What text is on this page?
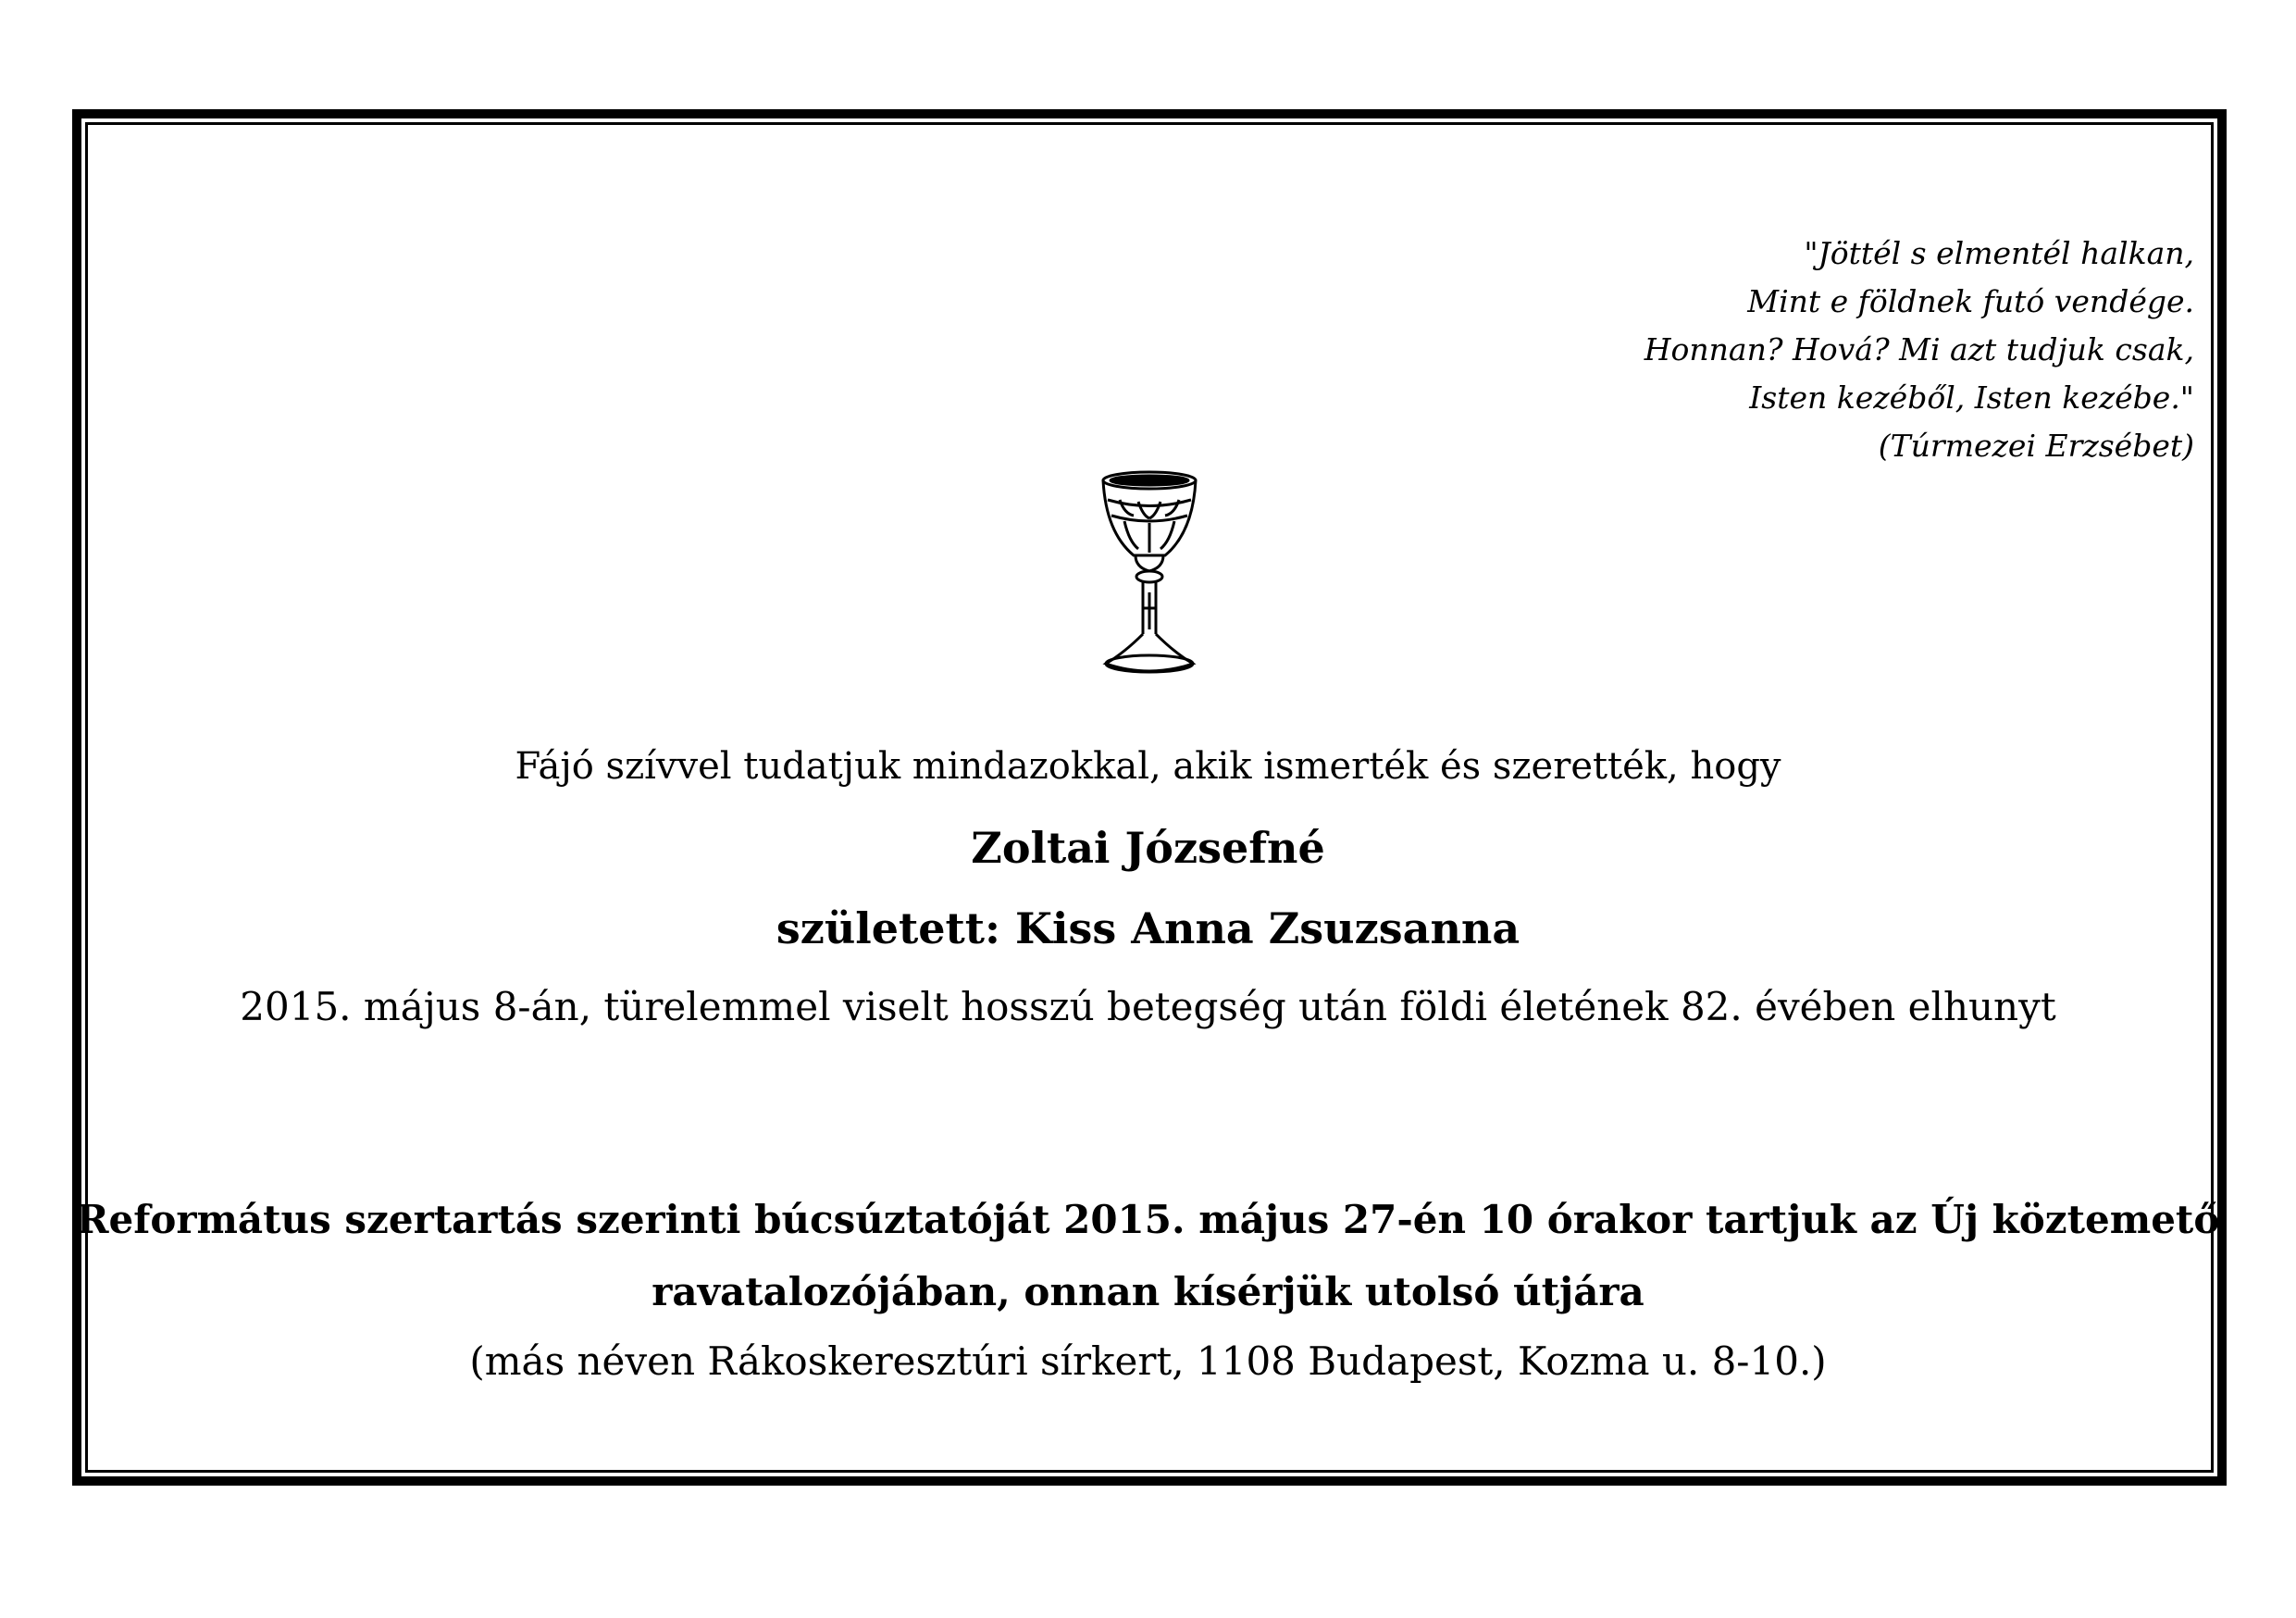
"Jöttél s elmentél halkan,
Mint e földnek futó vendége.
Honnan? Hová? Mi azt tudjuk csak,
Isten kezéből, Isten kezébe."
(Túrmezei Erzsébet)
Fájó szívvel tudatjuk mindazokkal, akik ismerték és szerették, hogy
Zoltai Józsefné
született: Kiss Anna Zsuzsanna
2015. május 8-án, türelemmel viselt hosszú betegség után földi életének 82. évében elhunyt
Református szertartás szerinti búcsúztatóját 2015. május 27-én 10 órakor tartjuk az Új köztemető
ravatalozójában, onnan kísérjük utolsó útjára
(más néven Rákoskeresztúri sírkert, 1108 Budapest, Kozma u. 8-10.)
